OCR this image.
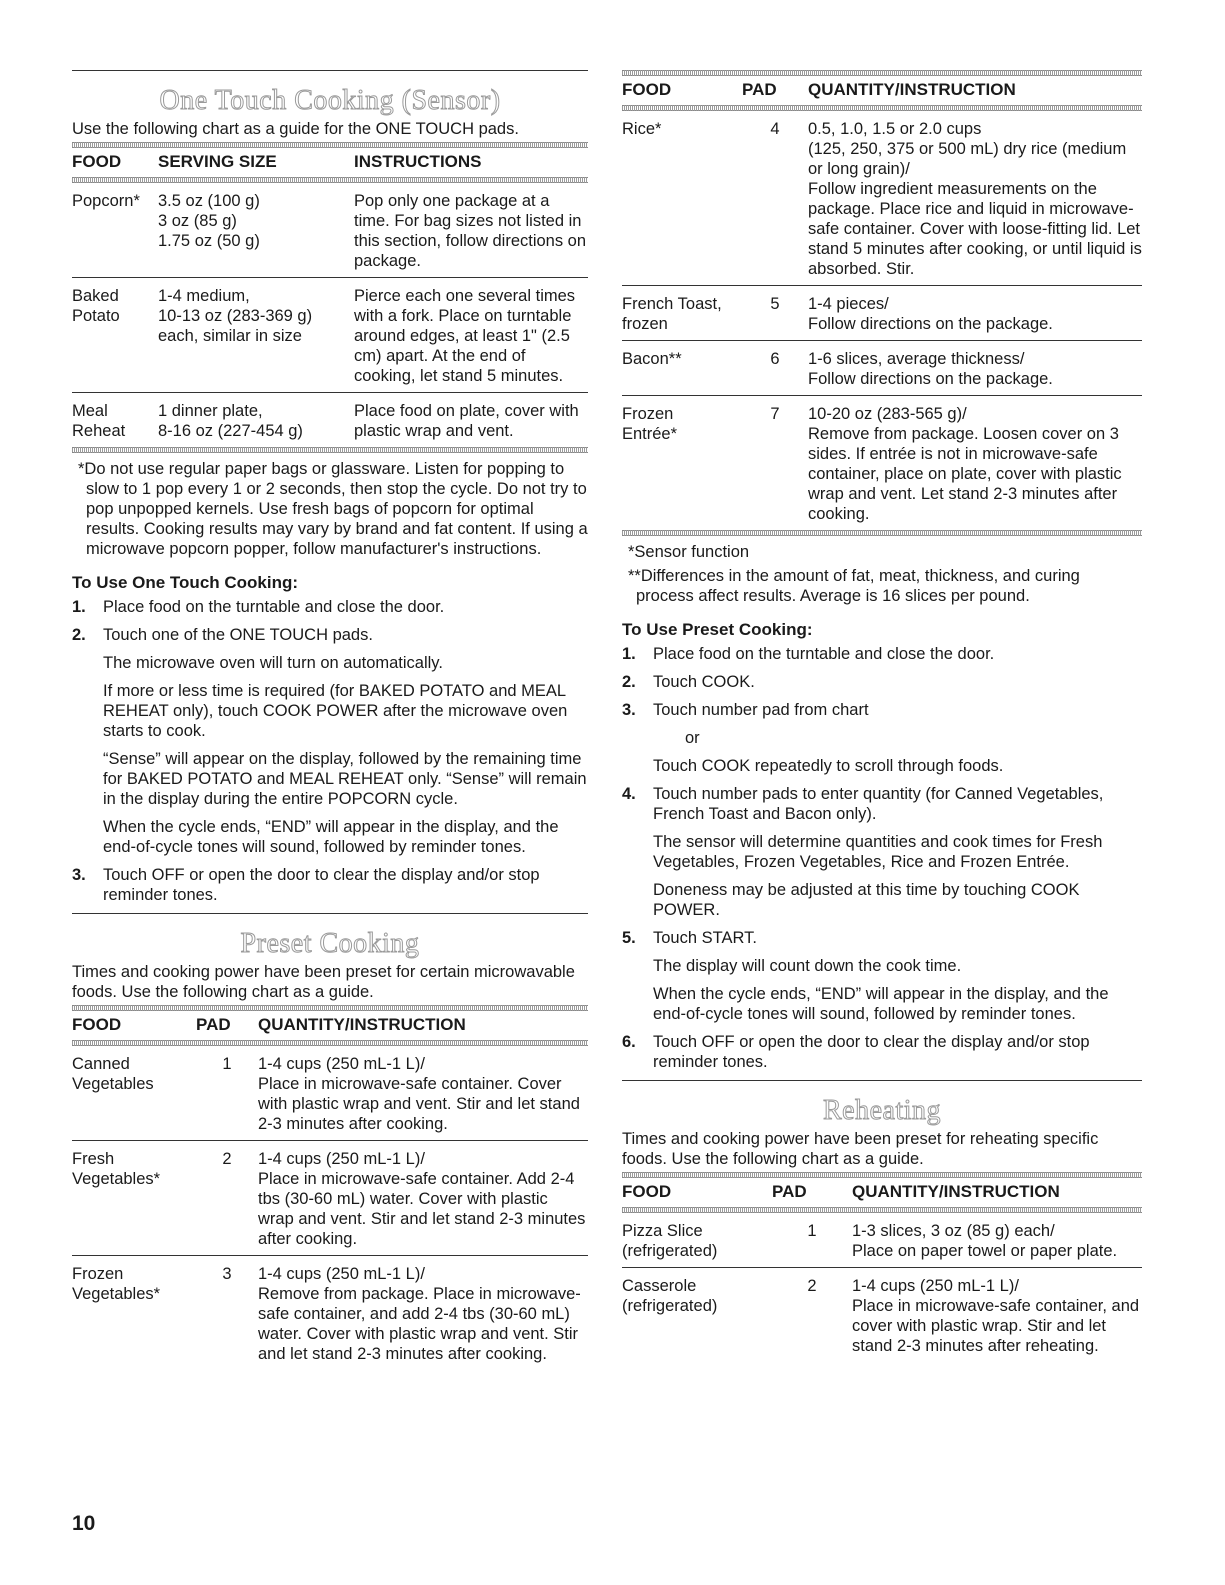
One Touch Cooking (Sensor)
Use the following chart as a guide for the ONE TOUCH pads.
FOOD	SERVING SIZE	INSTRUCTIONS

Popcorn*	3.5 oz (100 g)
3 oz (85 g)
1.75 oz (50 g)	Pop only one package at a time. For bag sizes not listed in this section, follow directions on package.
Baked
Potato	1-4 medium,
10-13 oz (283-369 g) each, similar in size	Pierce each one several times with a fork. Place on turntable around edges, at least 1" (2.5 cm) apart. At the end of cooking, let stand 5 minutes.
Meal
Reheat	1 dinner plate,
8-16 oz (227-454 g)	Place food on plate, cover with plastic wrap and vent.
*Do not use regular paper bags or glassware. Listen for popping to slow to 1 pop every 1 or 2 seconds, then stop the cycle. Do not try to pop unpopped kernels. Use fresh bags of popcorn for optimal results. Cooking results may vary by brand and fat content. If using a microwave popcorn popper, follow manufacturer's instructions.
To Use One Touch Cooking:
1. Place food on the turntable and close the door.

2. Touch one of the ONE TOUCH pads.

The microwave oven will turn on automatically.

If more or less time is required (for BAKED POTATO and MEAL REHEAT only), touch COOK POWER after the microwave oven starts to cook.

“Sense” will appear on the display, followed by the remaining time for BAKED POTATO and MEAL REHEAT only. “Sense” will remain in the display during the entire POPCORN cycle.

When the cycle ends, “END” will appear in the display, and the end-of-cycle tones will sound, followed by reminder tones.

3. Touch OFF or open the door to clear the display and/or stop reminder tones.

Preset Cooking
Times and cooking power have been preset for certain microwavable foods. Use the following chart as a guide.
FOOD	PAD	QUANTITY/INSTRUCTION

Canned
Vegetables	1	1-4 cups (250 mL-1 L)/
Place in microwave-safe container. Cover with plastic wrap and vent. Stir and let stand 2-3 minutes after cooking.
Fresh
Vegetables*	2	1-4 cups (250 mL-1 L)/
Place in microwave-safe container. Add 2-4 tbs (30-60 mL) water. Cover with plastic wrap and vent. Stir and let stand 2-3 minutes after cooking.
Frozen
Vegetables*	3	1-4 cups (250 mL-1 L)/
Remove from package. Place in microwave-safe container, and add 2-4 tbs (30-60 mL) water. Cover with plastic wrap and vent. Stir and let stand 2-3 minutes after cooking.
FOOD	PAD	QUANTITY/INSTRUCTION

Rice*	4	0.5, 1.0, 1.5 or 2.0 cups
(125, 250, 375 or 500 mL) dry rice (medium or long grain)/
Follow ingredient measurements on the package. Place rice and liquid in microwave-safe container. Cover with loose-fitting lid. Let stand 5 minutes after cooking, or until liquid is absorbed. Stir.
French Toast,
frozen	5	1-4 pieces/
Follow directions on the package.
Bacon**	6	1-6 slices, average thickness/
Follow directions on the package.
Frozen
Entrée*	7	10-20 oz (283-565 g)/
Remove from package. Loosen cover on 3 sides. If entrée is not in microwave-safe container, place on plate, cover with plastic wrap and vent. Let stand 2-3 minutes after cooking.
*Sensor function
**Differences in the amount of fat, meat, thickness, and curing process affect results. Average is 16 slices per pound.
To Use Preset Cooking:
1. Place food on the turntable and close the door.

2. Touch COOK.

3. Touch number pad from chart

or

Touch COOK repeatedly to scroll through foods.

4. Touch number pads to enter quantity (for Canned Vegetables, French Toast and Bacon only).

The sensor will determine quantities and cook times for Fresh Vegetables, Frozen Vegetables, Rice and Frozen Entrée.

Doneness may be adjusted at this time by touching COOK POWER.

5. Touch START.

The display will count down the cook time.

When the cycle ends, “END” will appear in the display, and the end-of-cycle tones will sound, followed by reminder tones.

6. Touch OFF or open the door to clear the display and/or stop reminder tones.

Reheating
Times and cooking power have been preset for reheating specific foods. Use the following chart as a guide.
FOOD	PAD	QUANTITY/INSTRUCTION

Pizza Slice
(refrigerated)	1	1-3 slices, 3 oz (85 g) each/
Place on paper towel or paper plate.
Casserole
(refrigerated)	2	1-4 cups (250 mL-1 L)/
Place in microwave-safe container, and cover with plastic wrap. Stir and let stand 2-3 minutes after reheating.
10
